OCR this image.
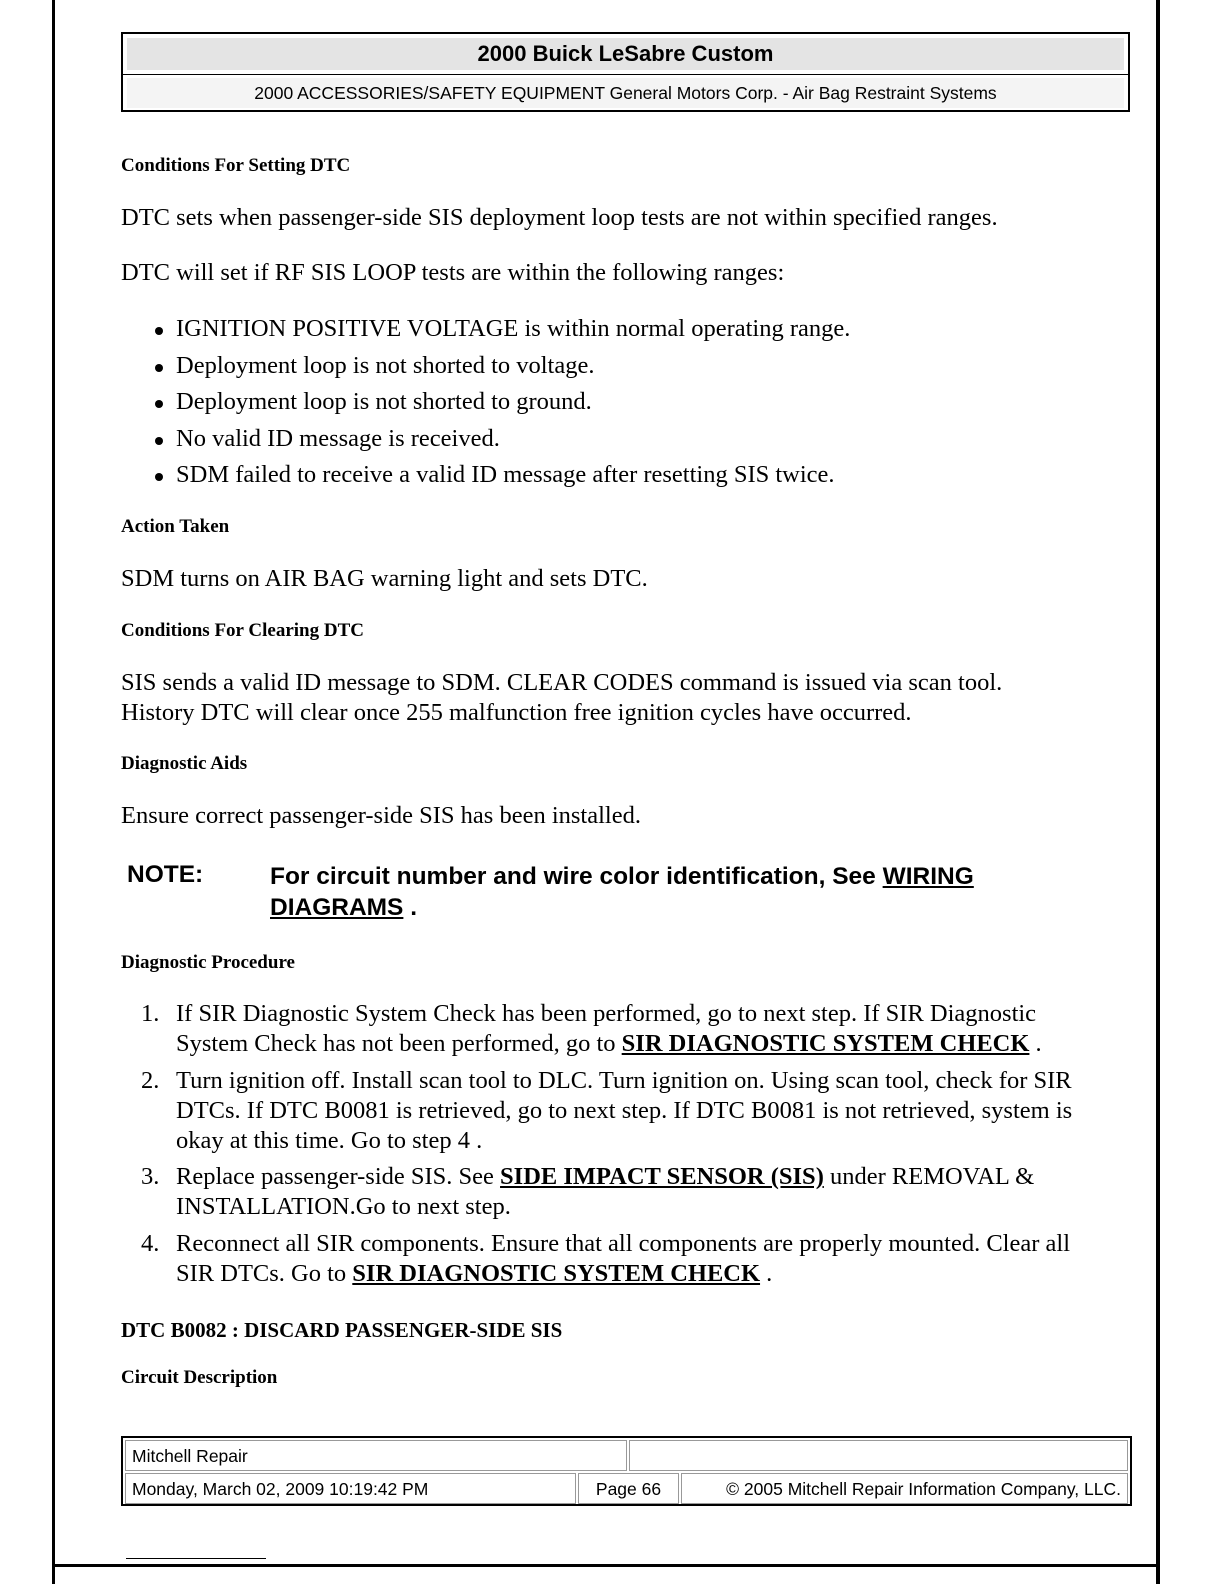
2000 Buick LeSabre Custom
2000 ACCESSORIES/SAFETY EQUIPMENT General Motors Corp. - Air Bag Restraint Systems
Conditions For Setting DTC
DTC sets when passenger-side SIS deployment loop tests are not within specified ranges.
DTC will set if RF SIS LOOP tests are within the following ranges:
IGNITION POSITIVE VOLTAGE is within normal operating range.
Deployment loop is not shorted to voltage.
Deployment loop is not shorted to ground.
No valid ID message is received.
SDM failed to receive a valid ID message after resetting SIS twice.
Action Taken
SDM turns on AIR BAG warning light and sets DTC.
Conditions For Clearing DTC
SIS sends a valid ID message to SDM. CLEAR CODES command is issued via scan tool.
History DTC will clear once 255 malfunction free ignition cycles have occurred.
Diagnostic Aids
Ensure correct passenger-side SIS has been installed.
NOTE:	For circuit number and wire color identification, See WIRING
DIAGRAMS .
Diagnostic Procedure
1. If SIR Diagnostic System Check has been performed, go to next step. If SIR Diagnostic System Check has not been performed, go to SIR DIAGNOSTIC SYSTEM CHECK .
2. Turn ignition off. Install scan tool to DLC. Turn ignition on. Using scan tool, check for SIR DTCs. If DTC B0081 is retrieved, go to next step. If DTC B0081 is not retrieved, system is okay at this time. Go to step 4 .
3. Replace passenger-side SIS. See SIDE IMPACT SENSOR (SIS) under REMOVAL & INSTALLATION.Go to next step.
4. Reconnect all SIR components. Ensure that all components are properly mounted. Clear all SIR DTCs. Go to SIR DIAGNOSTIC SYSTEM CHECK .
DTC B0082 : DISCARD PASSENGER-SIDE SIS
Circuit Description
Mitchell Repair
Monday, March 02, 2009 10:19:42 PM	Page 66	© 2005 Mitchell Repair Information Company, LLC.
